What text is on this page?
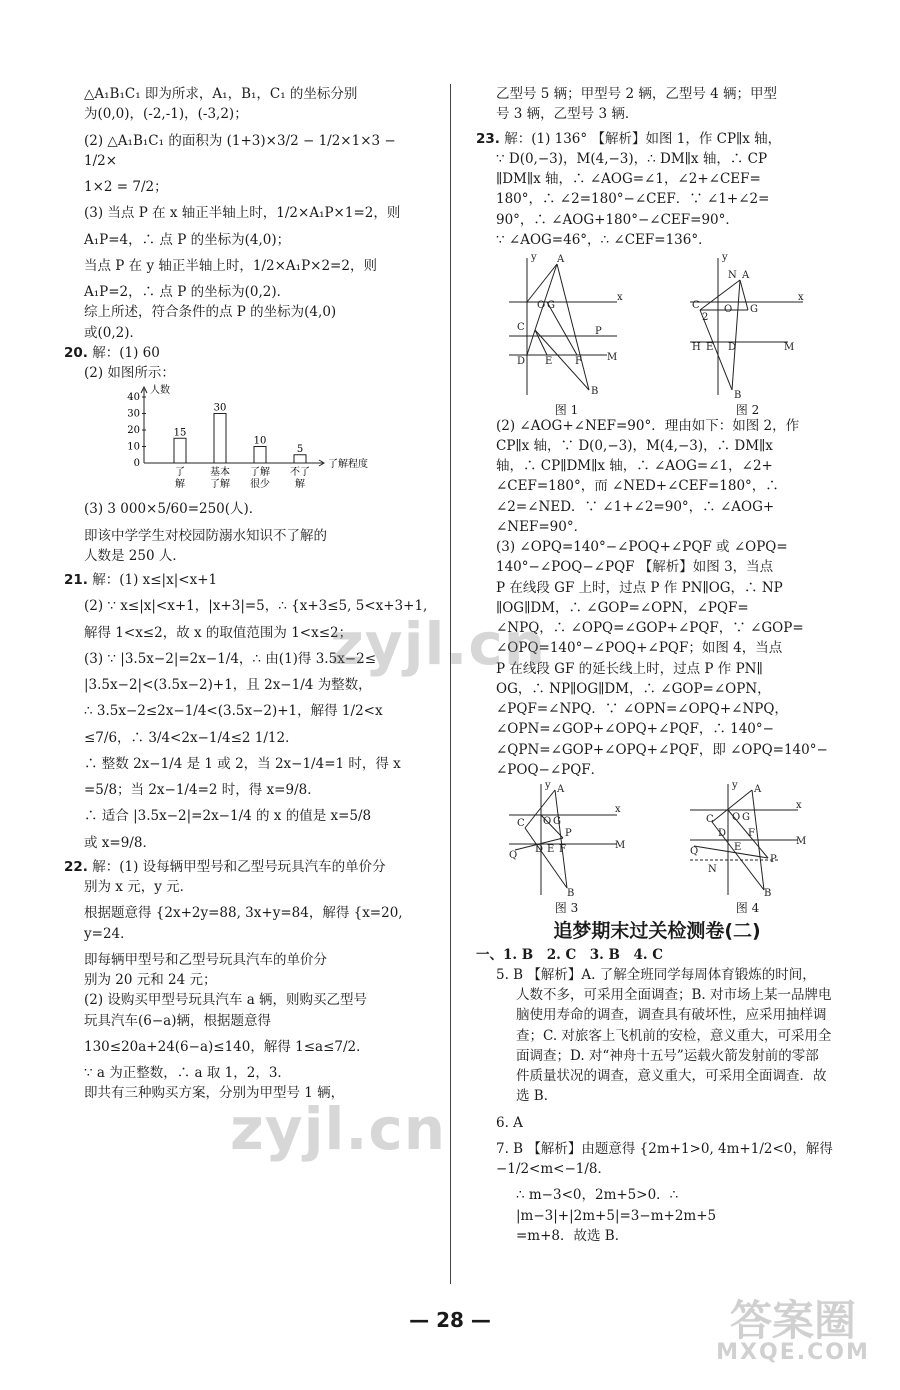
△A₁B₁C₁ 即为所求，A₁，B₁，C₁ 的坐标分别

为(0,0)，(-2,-1)，(-3,2)；

(2) △A₁B₁C₁ 的面积为 (1+3)×3/2 − 1/2×1×3 − 1/2×

1×2 = 7/2；

(3) 当点 P 在 x 轴正半轴上时，1/2×A₁P×1=2，则

A₁P=4，∴ 点 P 的坐标为(4,0)；

当点 P 在 y 轴正半轴上时，1/2×A₁P×2=2，则

A₁P=2，∴ 点 P 的坐标为(0,2)．

综上所述，符合条件的点 P 的坐标为(4,0)

或(0,2)．

20. 解：(1) 60

(2) 如图所示：

人数
了解程度
0
10
20
30
40
15
了
解
30
基本
了解
10
了解
很少
5
不了
解

(3) 3 000×5/60=250(人)．

即该中学学生对校园防溺水知识不了解的

人数是 250 人．

21. 解：(1) x≤|x|<x+1

(2) ∵ x≤|x|<x+1，|x+3|=5，∴ {x+3≤5, 5<x+3+1,

解得 1<x≤2，故 x 的取值范围为 1<x≤2；

(3) ∵ |3.5x−2|=2x−1/4，∴ 由(1)得 3.5x−2≤

|3.5x−2|<(3.5x−2)+1，且 2x−1/4 为整数，

∴ 3.5x−2≤2x−1/4<(3.5x−2)+1，解得 1/2<x

≤7/6，∴ 3/4<2x−1/4≤2 1/12．

∴ 整数 2x−1/4 是 1 或 2，当 2x−1/4=1 时，得 x

=5/8；当 2x−1/4=2 时，得 x=9/8．

∴ 适合 |3.5x−2|=2x−1/4 的 x 的值是 x=5/8

或 x=9/8．

22. 解：(1) 设每辆甲型号和乙型号玩具汽车的单价分

别为 x 元，y 元．

根据题意得 {2x+2y=88, 3x+y=84，解得 {x=20, y=24．

即每辆甲型号和乙型号玩具汽车的单价分

别为 20 元和 24 元；

(2) 设购买甲型号玩具汽车 a 辆，则购买乙型号

玩具汽车(6−a)辆，根据题意得

130≤20a+24(6−a)≤140，解得 1≤a≤7/2．

∵ a 为正整数，∴ a 取 1，2，3．

即共有三种购买方案，分别为甲型号 1 辆，

乙型号 5 辆；甲型号 2 辆，乙型号 4 辆；甲型

号 3 辆，乙型号 3 辆．

23. 解：(1) 136° 【解析】如图 1，作 CP∥x 轴，

∵ D(0,−3)，M(4,−3)，∴ DM∥x 轴，∴ CP

∥DM∥x 轴，∴ ∠AOG=∠1，∠2+∠CEF=

180°，∴ ∠2=180°−∠CEF．∵ ∠1+∠2=

90°，∴ ∠AOG+180°−∠CEF=90°．

∵ ∠AOG=46°，∴ ∠CEF=136°．

y A
x
C
O G
P
D E F	M
B
图 1
y
N A
x
C
2
O G
H E D	M
B
图 2

(2) ∠AOG+∠NEF=90°．理由如下：如图 2，作

CP∥x 轴，∵ D(0,−3)，M(4,−3)，∴ DM∥x

轴，∴ CP∥DM∥x 轴，∴ ∠AOG=∠1，∠2+

∠CEF=180°，而 ∠NED+∠CEF=180°，∴

∠2=∠NED．∵ ∠1+∠2=90°，∴ ∠AOG+

∠NEF=90°．

(3) ∠OPQ=140°−∠POQ+∠PQF 或 ∠OPQ=

140°−∠POQ−∠PQF 【解析】如图 3，当点

P 在线段 GF 上时，过点 P 作 PN∥OG，∴ NP

∥OG∥DM，∴ ∠GOP=∠OPN，∠PQF=

∠NPQ，∴ ∠OPQ=∠GOP+∠PQF，∵ ∠GOP=

∠OPQ=140°−∠POQ+∠PQF；如图 4，当点

P 在线段 GF 的延长线上时，过点 P 作 PN∥

OG，∴ NP∥OG∥DM，∴ ∠GOP=∠OPN，

∠PQF=∠NPQ．∵ ∠OPN=∠OPQ+∠NPQ，

∠OPN=∠GOP+∠OPQ+∠PQF，∴ 140°−

∠QPN=∠GOP+∠OPQ+∠PQF，即 ∠OPQ=140°−

∠POQ−∠PQF．

y A
x
C O G
P
Q
D E F	M
B
图 3
y A
x
C O G
Q
D
E
F
P
N
M
B
图 4
追梦期末过关检测卷(二)

一、1. B　2. C　3. B　4. C

5. B 【解析】A. 了解全班同学每周体育锻炼的时间，

人数不多，可采用全面调查；B. 对市场上某一品牌电

脑使用寿命的调查，调查具有破坏性，应采用抽样调

查；C. 对旅客上飞机前的安检，意义重大，可采用全

面调查；D. 对“神舟十五号”运载火箭发射前的零部

件质量状况的调查，意义重大，可采用全面调查．故

选 B．

6. A

7. B 【解析】由题意得 {2m+1>0, 4m+1/2<0，解得 −1/2<m<−1/8．

∴ m−3<0，2m+5>0．∴ |m−3|+|2m+5|=3−m+2m+5

=m+8．故选 B．

zyjl.cn
zyjl.cn
答案圈
MXQE.COM
— 28 —
